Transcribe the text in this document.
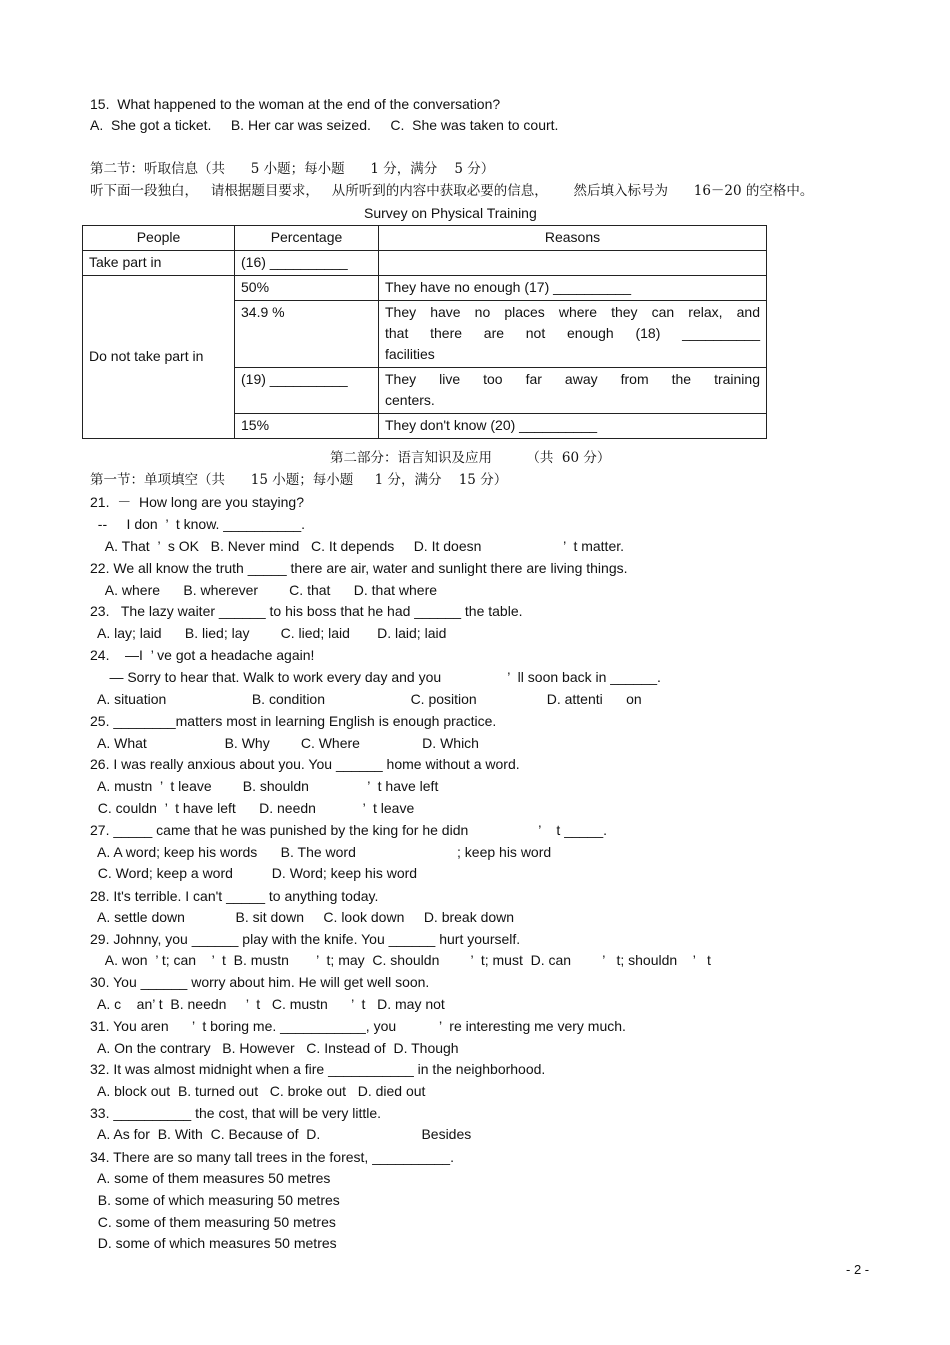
15.  What happened to the woman at the end of the conversation?
A.  She got a ticket.     B. Her car was seized.     C.  She was taken to court.
第二节：听取信息（共      5 小题；每小题      1 分，满分    5 分）
听下面一段独白，   请根据题目要求，   从所听到的内容中获取必要的信息，      然后填入标号为      16－20 的空格中。
Survey on Physical Training
People	Percentage	Reasons
Take part in	(16) __________	
Do not take part in	50%	They have no enough (17) __________
	34.9 %	They have no places where they can relax, and
that there are not enough (18) __________
facilities

	(19) __________	They live too far away from the training
centers.

	15%	They don't know (20) __________
第二部分：语言知识及应用        （共  60 分）
第一节：单项填空（共      15 小题；每小题     1 分，满分    15 分）
21.  －  How long are you staying?
--     I don  ’  t know. __________.
A. That  ’  s OK   B. Never mind   C. It depends     D. It doesn                     ’  t matter.
22. We all know the truth _____ there are air, water and sunlight there are living things.
A. where      B. wherever        C. that      D. that where
23.   The lazy waiter ______ to his boss that he had ______ the table.
A. lay; laid      B. lied; lay        C. lied; laid       D. laid; laid
24.    —I  ’ ve got a headache again!
— Sorry to hear that. Walk to work every day and you                 ’  ll soon back in ______.
A. situation                      B. condition                      C. position                  D. attenti      on
25. ________matters most in learning English is enough practice.
A. What                    B. Why        C. Where                D. Which
26. I was really anxious about you. You ______ home without a word.
A. mustn  ’  t leave        B. shouldn               ’  t have left
C. couldn  ’  t have left      D. needn            ’  t leave
27. _____ came that he was punished by the king for he didn                  ’    t _____.
A. A word; keep his words      B. The word                          ; keep his word
C. Word; keep a word          D. Word; keep his word
28. It's terrible. I can't _____ to anything today.
A. settle down             B. sit down     C. look down     D. break down
29. Johnny, you ______ play with the knife. You ______ hurt yourself.
A. won  ’ t; can    ’  t  B. mustn       ’  t; may  C. shouldn        ’  t; must  D. can        ’   t; shouldn    ’   t
30. You ______ worry about him. He will get well soon.
A. c    an’ t  B. needn     ’  t   C. mustn      ’  t   D. may not
31. You aren      ’  t boring me. ___________, you           ’  re interesting me very much.
A. On the contrary   B. However   C. Instead of  D. Though
32. It was almost midnight when a fire ___________ in the neighborhood.
A. block out  B. turned out   C. broke out   D. died out
33. __________ the cost, that will be very little.
A. As for  B. With  C. Because of  D.                          Besides
34. There are so many tall trees in the forest, __________.
A. some of them measures 50 metres
B. some of which measuring 50 metres
C. some of them measuring 50 metres
D. some of which measures 50 metres
- 2 -
